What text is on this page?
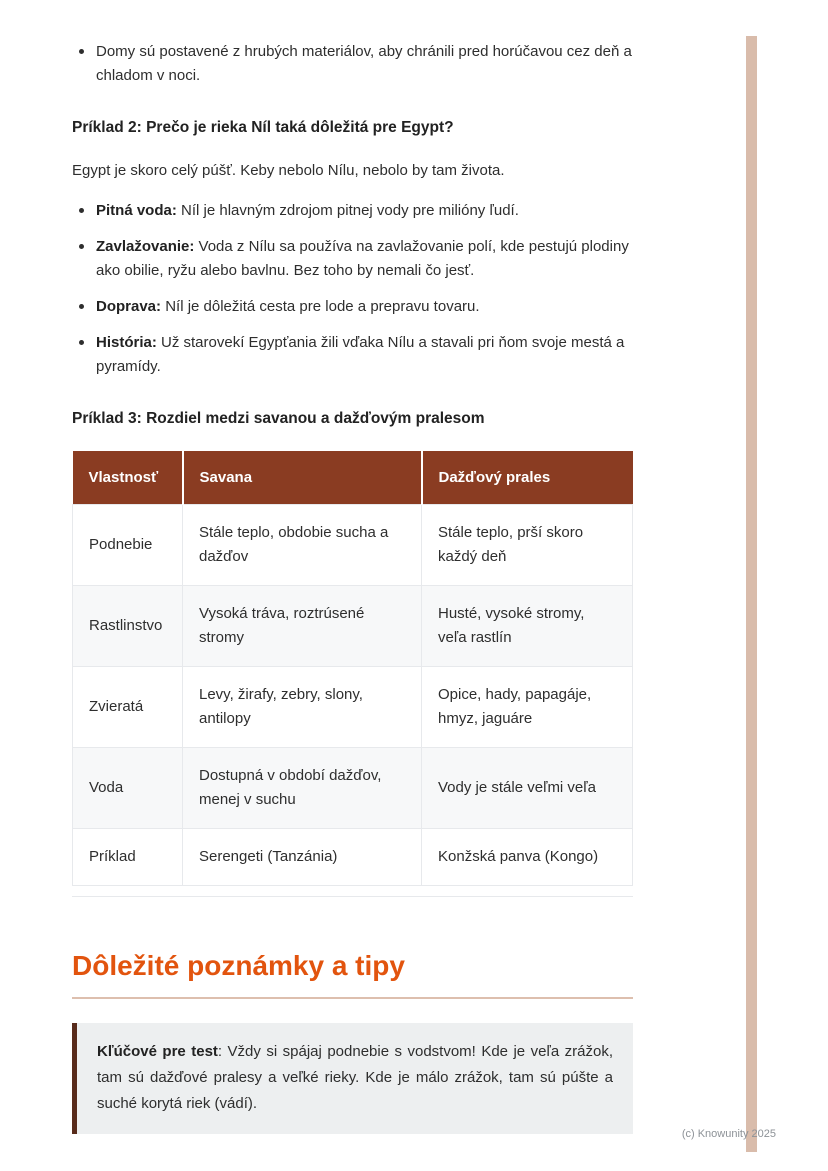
Domy sú postavené z hrubých materiálov, aby chránili pred horúčavou cez deň a chladom v noci.
Príklad 2: Prečo je rieka Níl taká dôležitá pre Egypt?

Egypt je skoro celý púšť. Keby nebolo Nílu, nebolo by tam života.

Pitná voda: Níl je hlavným zdrojom pitnej vody pre milióny ľudí.
Zavlažovanie: Voda z Nílu sa používa na zavlažovanie polí, kde pestujú plodiny ako obilie, ryžu alebo bavlnu. Bez toho by nemali čo jesť.
Doprava: Níl je dôležitá cesta pre lode a prepravu tovaru.
História: Už starovekí Egypťania žili vďaka Nílu a stavali pri ňom svoje mestá a pyramídy.
Príklad 3: Rozdiel medzi savanou a dažďovým pralesom
Vlastnosť	Savana	Dažďový prales
Podnebie	Stále teplo, obdobie sucha a dažďov	Stále teplo, prší skoro každý deň
Rastlinstvo	Vysoká tráva, roztrúsené stromy	Husté, vysoké stromy, veľa rastlín
Zvieratá	Levy, žirafy, zebry, slony, antilopy	Opice, hady, papagáje, hmyz, jaguáre
Voda	Dostupná v období dažďov, menej v suchu	Vody je stále veľmi veľa
Príklad	Serengeti (Tanzánia)	Konžská panva (Kongo)
Dôležité poznámky a tipy
Kľúčové pre test: Vždy si spájaj podnebie s vodstvom! Kde je veľa zrážok, tam sú dažďové pralesy a veľké rieky. Kde je málo zrážok, tam sú púšte a suché korytá riek (vádí).
(c) Knowunity 2025
